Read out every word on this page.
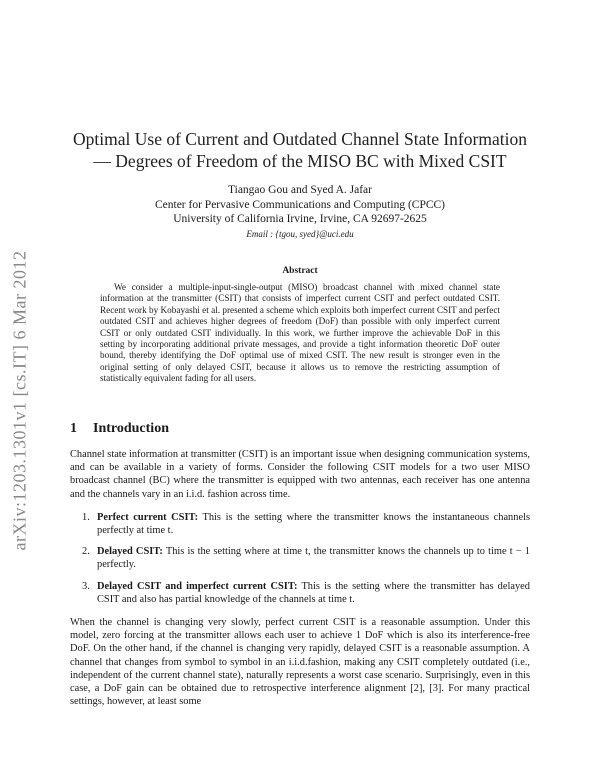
arXiv:1203.1301v1 [cs.IT] 6 Mar 2012
Optimal Use of Current and Outdated Channel State Information
— Degrees of Freedom of the MISO BC with Mixed CSIT
Tiangao Gou and Syed A. Jafar
Center for Pervasive Communications and Computing (CPCC)
University of California Irvine, Irvine, CA 92697-2625
Email : {tgou, syed}@uci.edu
Abstract
We consider a multiple-input-single-output (MISO) broadcast channel with mixed channel state information at the transmitter (CSIT) that consists of imperfect current CSIT and perfect outdated CSIT. Recent work by Kobayashi et al. presented a scheme which exploits both imperfect current CSIT and perfect outdated CSIT and achieves higher degrees of freedom (DoF) than possible with only imperfect current CSIT or only outdated CSIT individually. In this work, we further improve the achievable DoF in this setting by incorporating additional private messages, and provide a tight information theoretic DoF outer bound, thereby identifying the DoF optimal use of mixed CSIT. The new result is stronger even in the original setting of only delayed CSIT, because it allows us to remove the restricting assumption of statistically equivalent fading for all users.
1 Introduction
Channel state information at transmitter (CSIT) is an important issue when designing communication systems, and can be available in a variety of forms. Consider the following CSIT models for a two user MISO broadcast channel (BC) where the transmitter is equipped with two antennas, each receiver has one antenna and the channels vary in an i.i.d. fashion across time.
1. Perfect current CSIT: This is the setting where the transmitter knows the instantaneous channels perfectly at time t.
2. Delayed CSIT: This is the setting where at time t, the transmitter knows the channels up to time t − 1 perfectly.
3. Delayed CSIT and imperfect current CSIT: This is the setting where the transmitter has delayed CSIT and also has partial knowledge of the channels at time t.
When the channel is changing very slowly, perfect current CSIT is a reasonable assumption. Under this model, zero forcing at the transmitter allows each user to achieve 1 DoF which is also its interference-free DoF. On the other hand, if the channel is changing very rapidly, delayed CSIT is a reasonable assumption. A channel that changes from symbol to symbol in an i.i.d.fashion, making any CSIT completely outdated (i.e., independent of the current channel state), naturally represents a worst case scenario. Surprisingly, even in this case, a DoF gain can be obtained due to retrospective interference alignment [2], [3]. For many practical settings, however, at least some
